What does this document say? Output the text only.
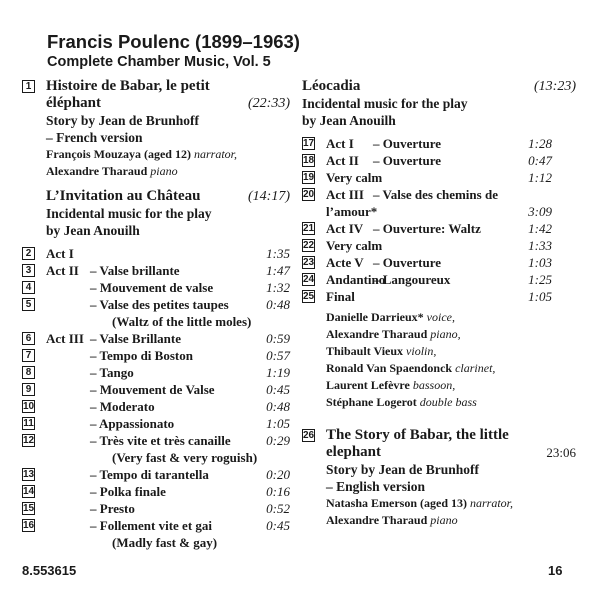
Francis Poulenc (1899–1963)
Complete Chamber Music, Vol. 5
1 Histoire de Babar, le petit
éléphant	(22:33)
Story by Jean de Brunhoff
– French version
François Mouzaya (aged 12) narrator,
Alexandre Tharaud piano
L’Invitation au Château	(14:17)
Incidental music for the play
by Jean Anouilh
2 Act I	1:35
3 Act II – Valse brillante	1:47
4	– Mouvement de valse	1:32
5	– Valse des petites taupes	0:48
(Waltz of the little moles)
6 Act III – Valse Brillante	0:59
7	– Tempo di Boston	0:57
8	– Tango	1:19
9	– Mouvement de Valse	0:45
10	– Moderato	0:48
11	– Appassionato	1:05
12	– Très vite et très canaille	0:29
(Very fast & very roguish)
13	– Tempo di tarantella	0:20
14	– Polka finale	0:16
15	– Presto	0:52
16	– Follement vite et gai	0:45
(Madly fast & gay)
Léocadia	(13:23)
Incidental music for the play
by Jean Anouilh
17 Act I – Ouverture	1:28
18 Act II – Ouverture	0:47
19 Very calm	1:12
20 Act III – Valse des chemins de
l’amour*	3:09
21 Act IV – Ouverture: Waltz	1:42
22 Very calm	1:33
23 Acte V – Ouverture	1:03
24 Andantino
– Langoureux	1:25
25 Final	1:05
Danielle Darrieux* voice,
Alexandre Tharaud piano,
Thibault Vieux violin,
Ronald Van Spaendonck clarinet,
Laurent Lefèvre bassoon,
Stéphane Logerot double bass
26 The Story of Babar, the little
elephant	23:06
Story by Jean de Brunhoff
– English version
Natasha Emerson (aged 13) narrator,
Alexandre Tharaud piano
8.553615	16
